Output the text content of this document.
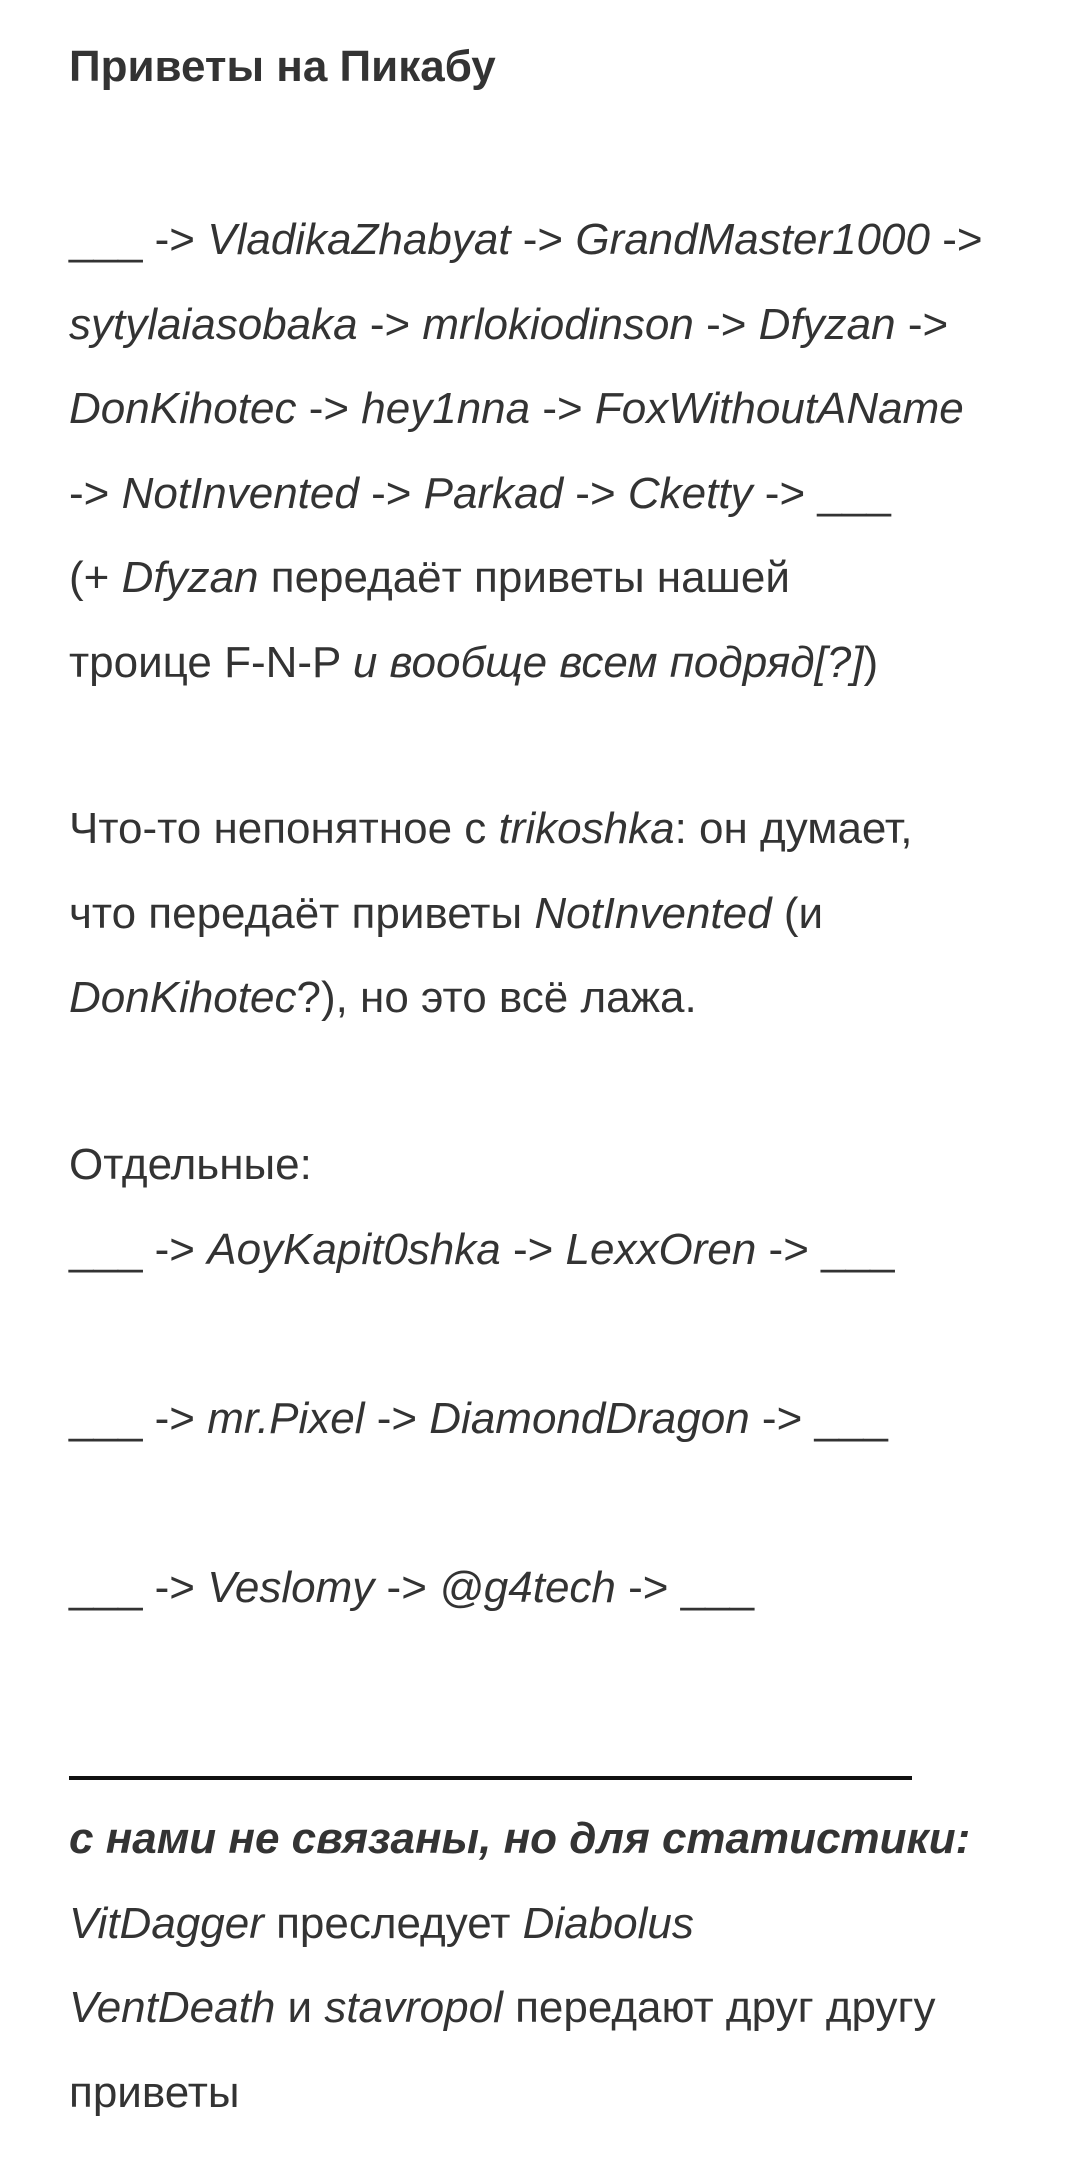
Приветы на Пикабу
___ -> VladikaZhabyat -> GrandMaster1000 ->
sytylaiasobaka -> mrlokiodinson -> Dfyzan ->
DonKihotec -> hey1nna -> FoxWithoutAName
-> NotInvented -> Parkad -> Cketty -> ___
(+ Dfyzan передаёт приветы нашей
троице F-N-P и вообще всем подряд[?])
Что-то непонятное с trikoshka: он думает,
что передаёт приветы NotInvented (и
DonKihotec?), но это всё лажа.
Отдельные:
___ -> AoyKapit0shka -> LexxOren -> ___
___ -> mr.Pixel -> DiamondDragon -> ___
___ -> Veslomy -> @g4tech -> ___
с нами не связаны, но для статистики:
VitDagger преследует Diabolus
VentDeath и stavropol передают друг другу
приветы
